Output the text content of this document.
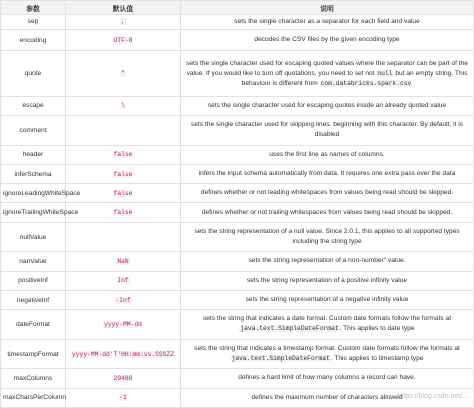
参数	默认值	说明
sep	,	sets the single character as a separator for each field and value
encoding	UTF-8	decodes the CSV files by the given encoding type
quote	"	sets the single character used for escaping quoted values where the separator can be part of the value. If you would like to turn off quotations, you need to set not null but an empty string. This behaviour is different from com.databricks.spark.csv
escape	\	sets the single character used for escaping quotes inside an already quoted value
comment		sets the single character used for skipping lines. beginning with this character. By default, it is disabled
header	false	uses the first line as names of columns.
inferSchema	false	infers the input schema automatically from data. It requires one extra pass over the data
ignoreLeadingWhiteSpace	false	defines whether or not leading whitespaces from values being read should be skipped.
ignoreTrailingWhiteSpace	false	defines whether or not trailing whitespaces from values being read should be skipped.
nullValue		sets the string representation of a null value. Since 2.0.1, this applies to all supported types including the string type
nanValue	NaN	sets the string representation of a non-number" value.
positiveInf	Inf	sets the string representation of a positive infinity value
negativeInf	-Inf	sets the string representation of a negative infinity value
dateFormat	yyyy-MM-dd	sets the string that indicates a date format. Custom date formats follow the formats at java.text.SimpleDateFormat. This applies to date type
timestampFormat	yyyy-MM-dd'T'HH:mm:ss.SSSZZ	sets the string that indicates a timestamp format. Custom date formats follow the formats at java.text.SimpleDateFormat. This applies to timestamp type
maxColumns	20480	defines a hard limit of how many columns a record can have.
maxCharsPerColumn	-1	defines the maximum number of characters allowed
https://blog.csdn.net/...
